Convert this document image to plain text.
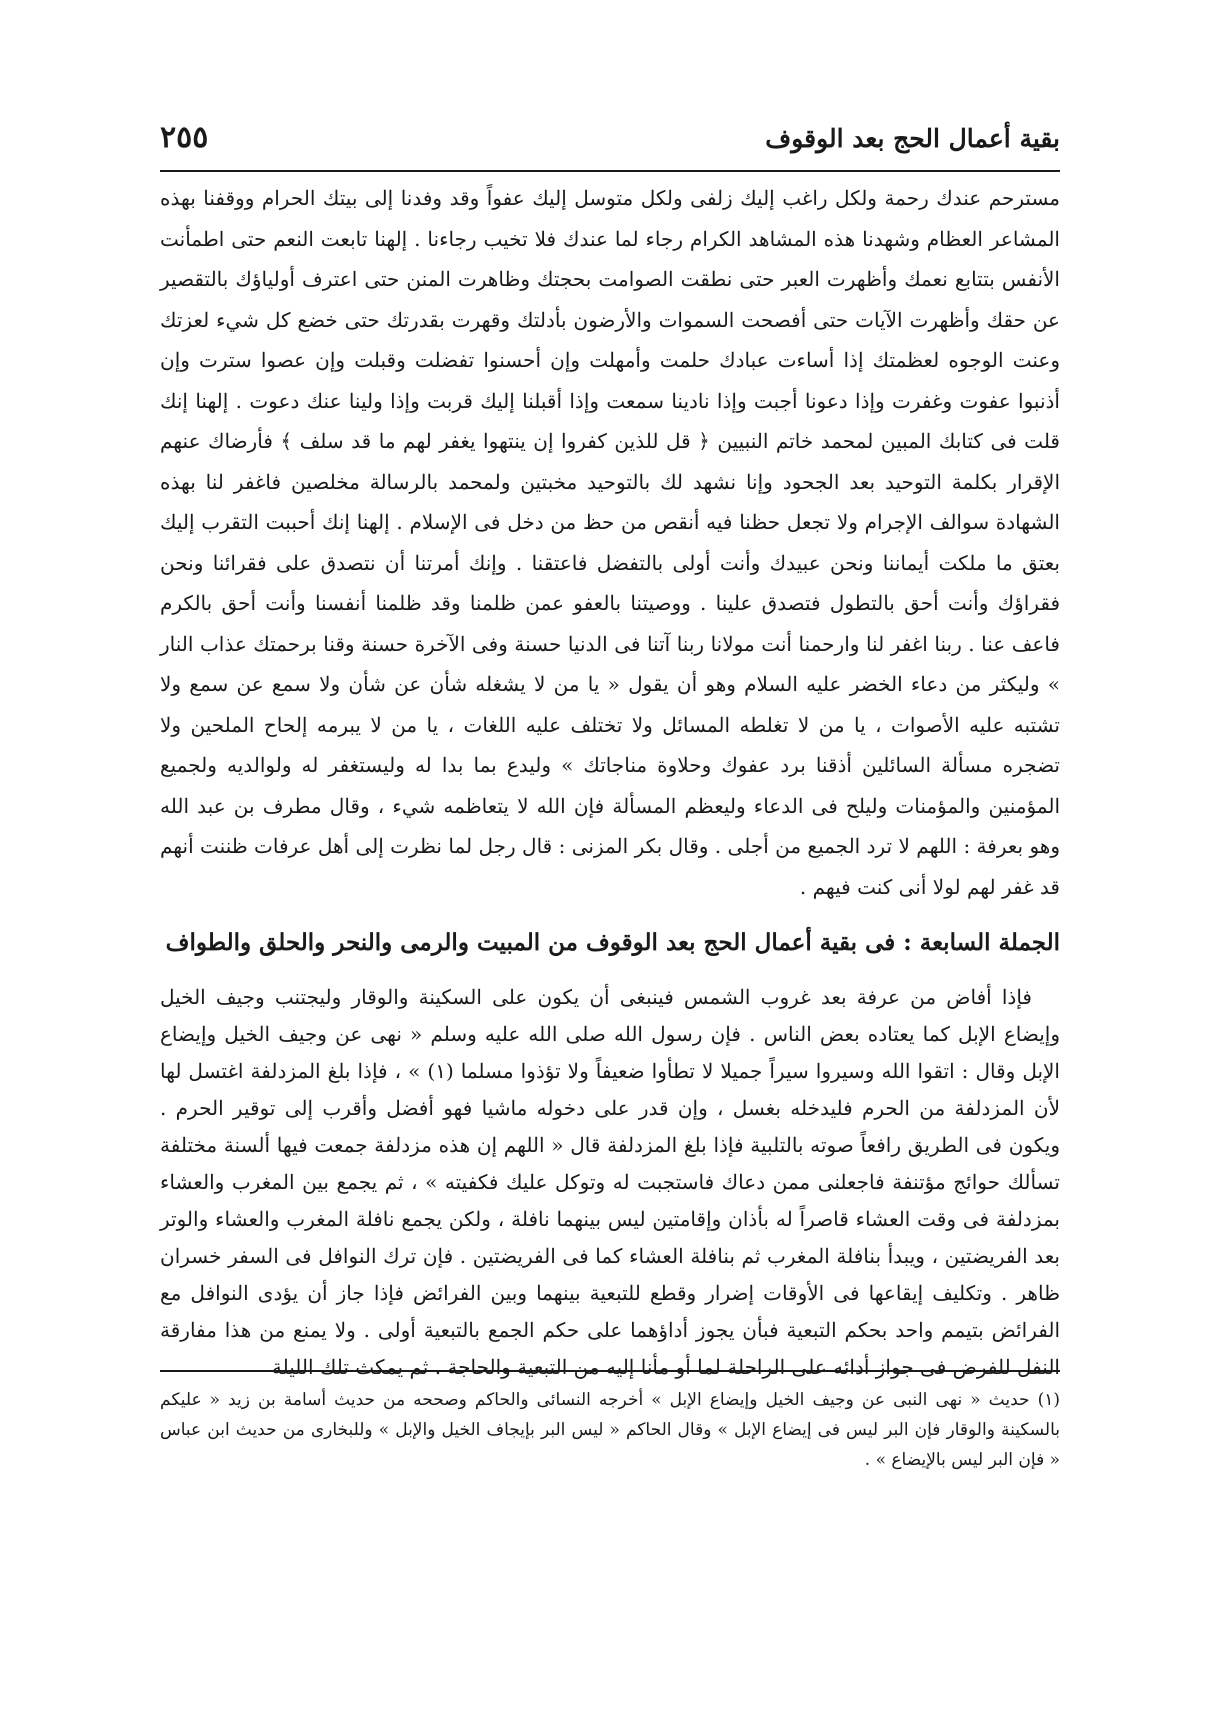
بقية أعمال الحج بعد الوقوف
٢٥٥

مسترحم عندك رحمة ولكل راغب إليك زلفى ولكل متوسل إليك عفواً وقد وفدنا إلى بيتك الحرام ووقفنا بهذه المشاعر العظام وشهدنا هذه المشاهد الكرام رجاء لما عندك فلا تخيب رجاءنا . إلهنا تابعت النعم حتى اطمأنت الأنفس بتتابع نعمك وأظهرت العبر حتى نطقت الصوامت بحجتك وظاهرت المنن حتى اعترف أولياؤك بالتقصير عن حقك وأظهرت الآيات حتى أفصحت السموات والأرضون بأدلتك وقهرت بقدرتك حتى خضع كل شيء لعزتك وعنت الوجوه لعظمتك إذا أساءت عبادك حلمت وأمهلت وإن أحسنوا تفضلت وقبلت وإن عصوا سترت وإن أذنبوا عفوت وغفرت وإذا دعونا أجبت وإذا نادينا سمعت وإذا أقبلنا إليك قربت وإذا ولينا عنك دعوت . إلهنا إنك قلت فى كتابك المبين لمحمد خاتم النبيين ﴿ قل للذين كفروا إن ينتهوا يغفر لهم ما قد سلف ﴾ فأرضاك عنهم الإقرار بكلمة التوحيد بعد الجحود وإنا نشهد لك بالتوحيد مخبتين ولمحمد بالرسالة مخلصين فاغفر لنا بهذه الشهادة سوالف الإجرام ولا تجعل حظنا فيه أنقص من حظ من دخل فى الإسلام . إلهنا إنك أحببت التقرب إليك بعتق ما ملكت أيماننا ونحن عبيدك وأنت أولى بالتفضل فاعتقنا . وإنك أمرتنا أن نتصدق على فقرائنا ونحن فقراؤك وأنت أحق بالتطول فتصدق علينا . ووصيتنا بالعفو عمن ظلمنا وقد ظلمنا أنفسنا وأنت أحق بالكرم فاعف عنا . ربنا اغفر لنا وارحمنا أنت مولانا ربنا آتنا فى الدنيا حسنة وفى الآخرة حسنة وقنا برحمتك عذاب النار » وليكثر من دعاء الخضر عليه السلام وهو أن يقول « يا من لا يشغله شأن عن شأن ولا سمع عن سمع ولا تشتبه عليه الأصوات ، يا من لا تغلطه المسائل ولا تختلف عليه اللغات ، يا من لا يبرمه إلحاح الملحين ولا تضجره مسألة السائلين أذقنا برد عفوك وحلاوة مناجاتك » وليدع بما بدا له وليستغفر له ولوالديه ولجميع المؤمنين والمؤمنات وليلح فى الدعاء وليعظم المسألة فإن الله لا يتعاظمه شيء ، وقال مطرف بن عبد الله وهو بعرفة : اللهم لا ترد الجميع من أجلى . وقال بكر المزنى : قال رجل لما نظرت إلى أهل عرفات ظننت أنهم قد غفر لهم لولا أنى كنت فيهم .

الجملة السابعة : فى بقية أعمال الحج بعد الوقوف من المبيت والرمى والنحر والحلق والطواف

فإذا أفاض من عرفة بعد غروب الشمس فينبغى أن يكون على السكينة والوقار وليجتنب وجيف الخيل وإيضاع الإبل كما يعتاده بعض الناس . فإن رسول الله صلى الله عليه وسلم « نهى عن وجيف الخيل وإيضاع الإبل وقال : اتقوا الله وسيروا سيراً جميلا لا تطأوا ضعيفاً ولا تؤذوا مسلما (١) » ، فإذا بلغ المزدلفة اغتسل لها لأن المزدلفة من الحرم فليدخله بغسل ، وإن قدر على دخوله ماشيا فهو أفضل وأقرب إلى توقير الحرم . ويكون فى الطريق رافعاً صوته بالتلبية فإذا بلغ المزدلفة قال « اللهم إن هذه مزدلفة جمعت فيها ألسنة مختلفة تسألك حوائج مؤتنفة فاجعلنى ممن دعاك فاستجبت له وتوكل عليك فكفيته » ، ثم يجمع بين المغرب والعشاء بمزدلفة فى وقت العشاء قاصراً له بأذان وإقامتين ليس بينهما نافلة ، ولكن يجمع نافلة المغرب والعشاء والوتر بعد الفريضتين ، ويبدأ بنافلة المغرب ثم بنافلة العشاء كما فى الفريضتين . فإن ترك النوافل فى السفر خسران ظاهر . وتكليف إيقاعها فى الأوقات إضرار وقطع للتبعية بينهما وبين الفرائض فإذا جاز أن يؤدى النوافل مع الفرائض بتيمم واحد بحكم التبعية فبأن يجوز أداؤهما على حكم الجمع بالتبعية أولى . ولا يمنع من هذا مفارقة النفل للفرض فى جواز أدائه على الراحلة لما أو مأنا إليه من التبعية والحاجة . ثم يمكث تلك الليلة

(١) حديث « نهى النبى عن وجيف الخيل وإيضاع الإبل » أخرجه النسائى والحاكم وصححه من حديث أسامة بن زيد « عليكم بالسكينة والوقار فإن البر ليس فى إيضاع الإبل » وقال الحاكم « ليس البر بإيجاف الخيل والإبل » وللبخارى من حديث ابن عباس « فإن البر ليس بالإيضاع » .
